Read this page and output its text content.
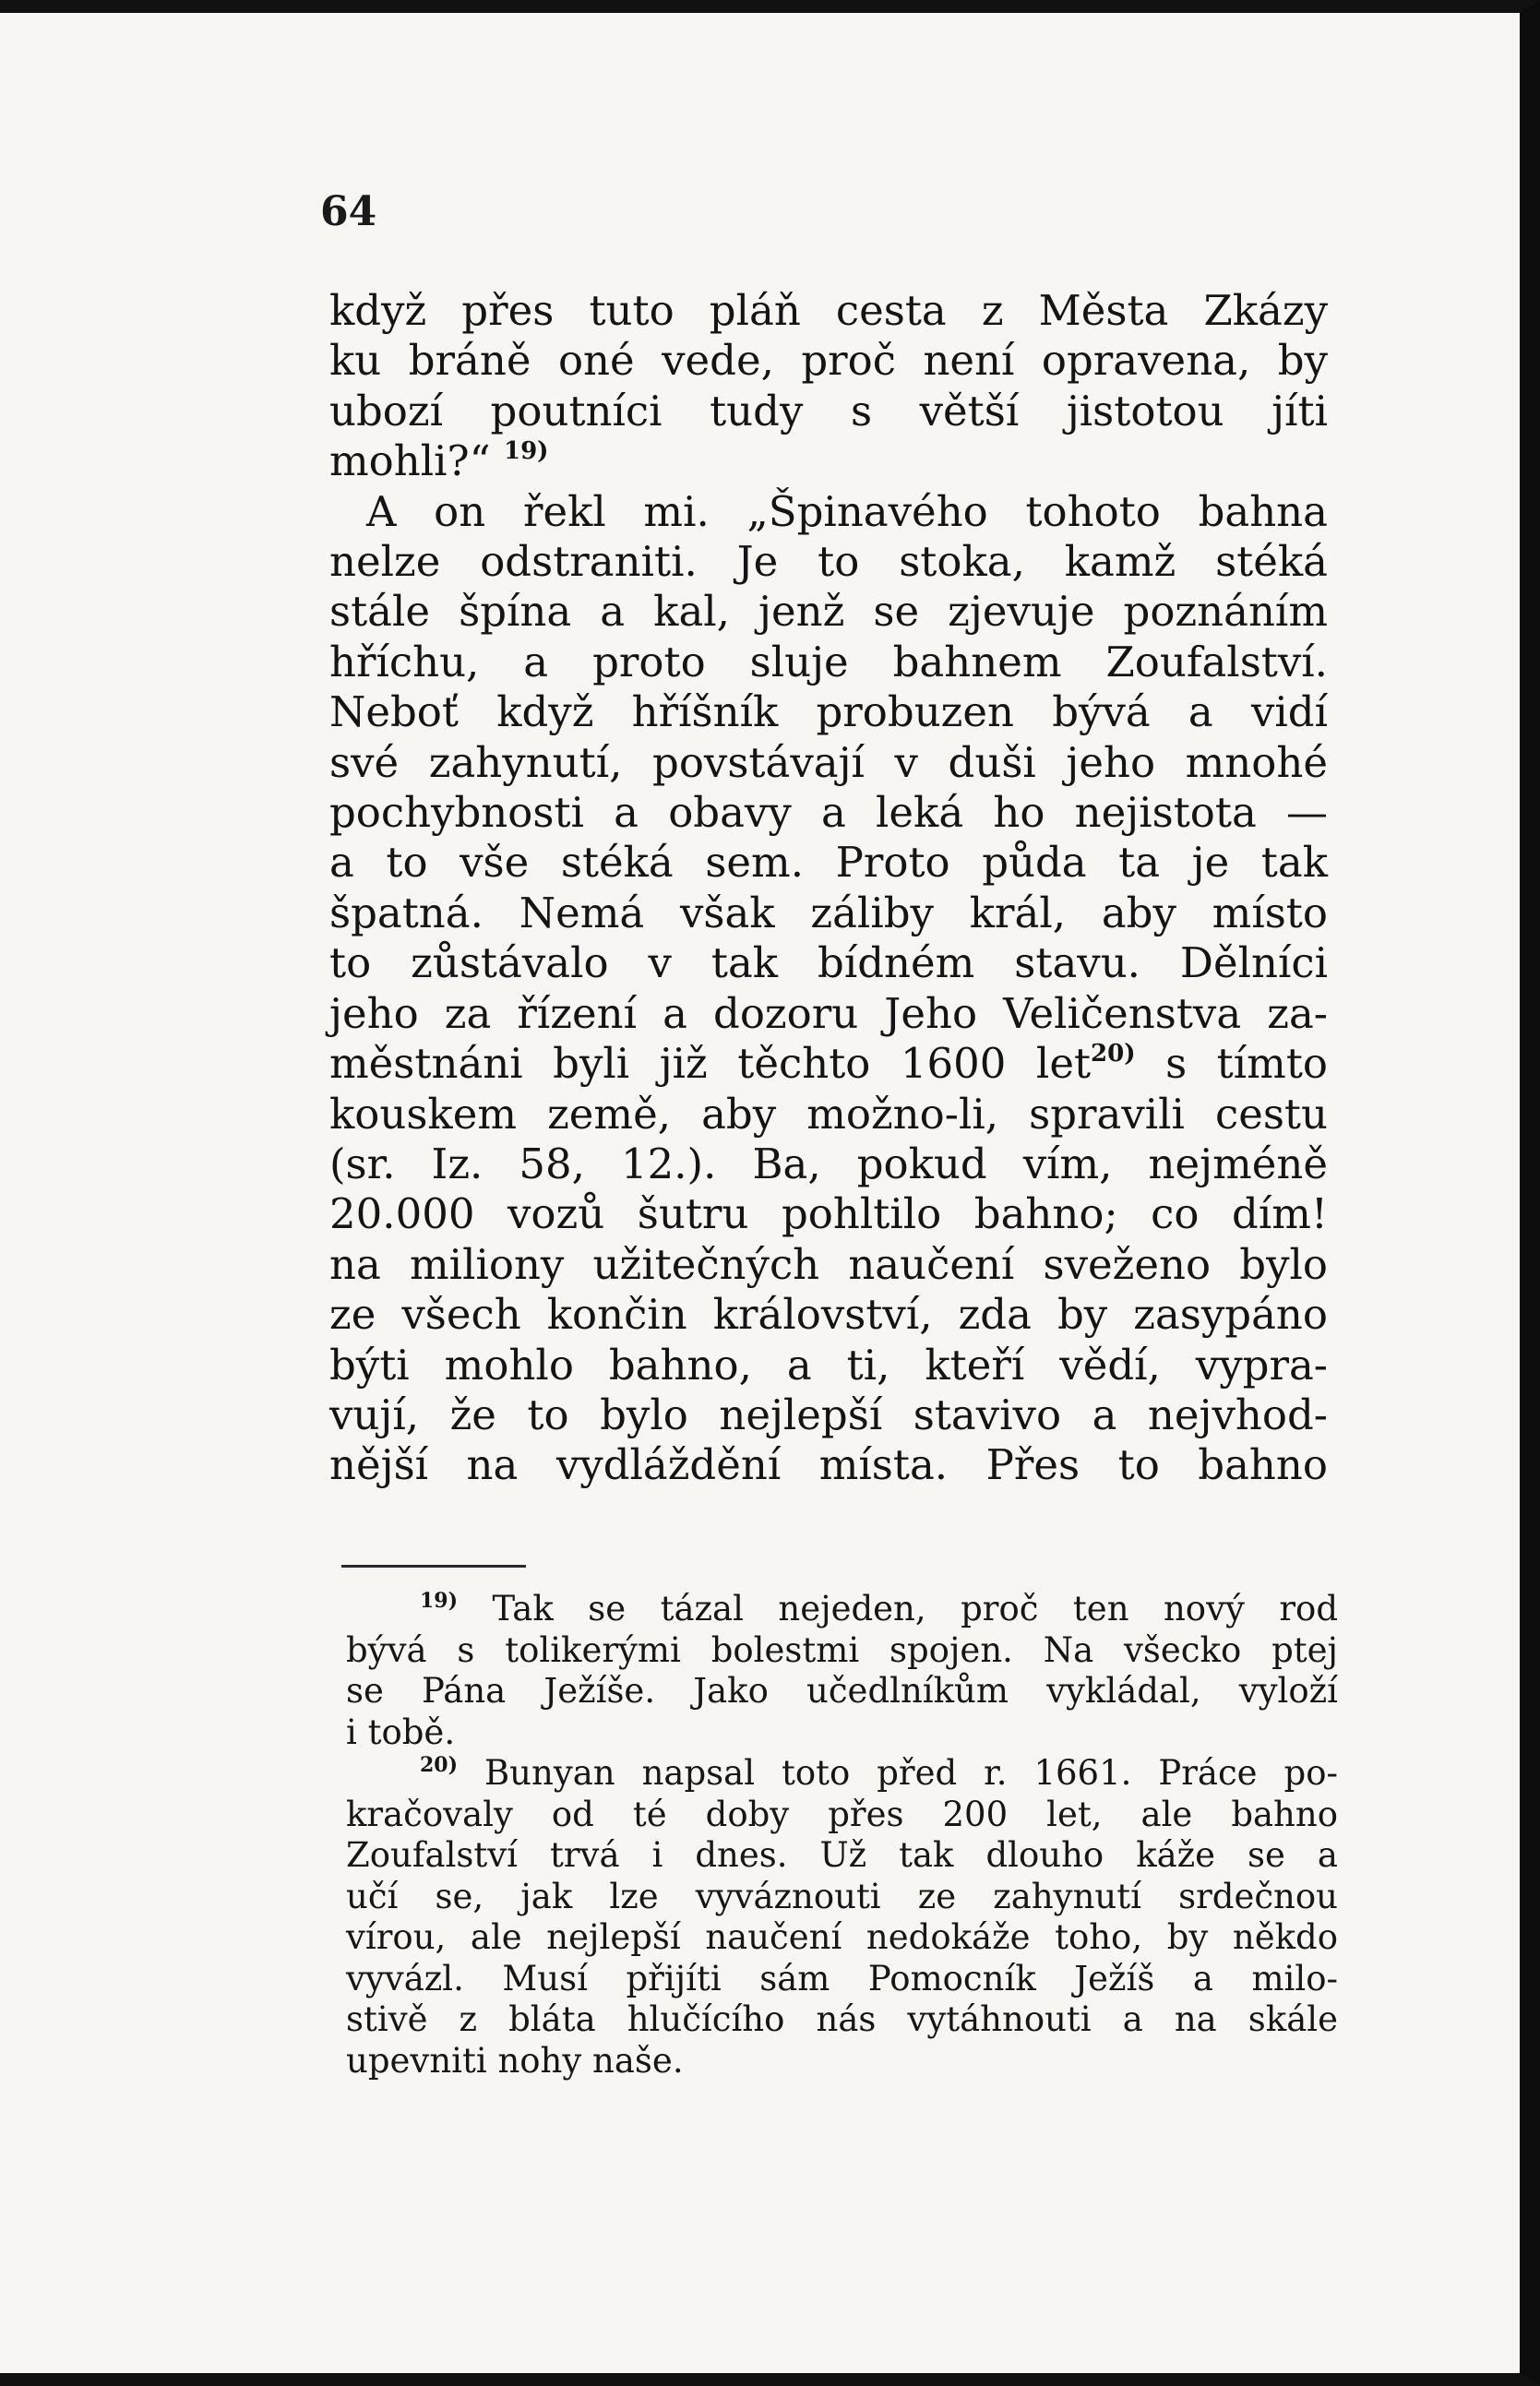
64
když přes tuto pláň cesta z Města Zkázy
ku bráně oné vede, proč není opravena, by
ubozí poutníci tudy s větší jistotou jíti
mohli?“ $^{19)}$
A on řekl mi. „Špinavého tohoto bahna
nelze odstraniti. Je to stoka, kamž stéká
stále špína a kal, jenž se zjevuje poznáním
hříchu, a proto sluje bahnem Zoufalství.
Neboť když hříšník probuzen bývá a vidí
své zahynutí, povstávají v duši jeho mnohé
pochybnosti a obavy a leká ho nejistota —
a to vše stéká sem. Proto půda ta je tak
špatná. Nemá však záliby král, aby místo
to zůstávalo v tak bídném stavu. Dělníci
jeho za řízení a dozoru Jeho Veličenstva za-
městnáni byli již těchto 1600 let$^{20)}$ s tímto
kouskem země, aby možno-li, spravili cestu
(sr. Iz. 58, 12.). Ba, pokud vím, nejméně
20.000 vozů šutru pohltilo bahno; co dím!
na miliony užitečných naučení sveženo bylo
ze všech končin království, zda by zasypáno
býti mohlo bahno, a ti, kteří vědí, vypra-
vují, že to bylo nejlepší stavivo a nejvhod-
nější na vydláždění místa. Přes to bahno
$^{19)}$ Tak se tázal nejeden, proč ten nový rod
bývá s tolikerými bolestmi spojen. Na všecko ptej
se Pána Ježíše. Jako učedlníkům vykládal, vyloží
i tobě.
$^{20)}$ Bunyan napsal toto před r. 1661. Práce po-
kračovaly od té doby přes 200 let, ale bahno
Zoufalství trvá i dnes. Už tak dlouho káže se a
učí se, jak lze vyváznouti ze zahynutí srdečnou
vírou, ale nejlepší naučení nedokáže toho, by někdo
vyvázl. Musí přijíti sám Pomocník Ježíš a milo-
stivě z bláta hlučícího nás vytáhnouti a na skále
upevniti nohy naše.
